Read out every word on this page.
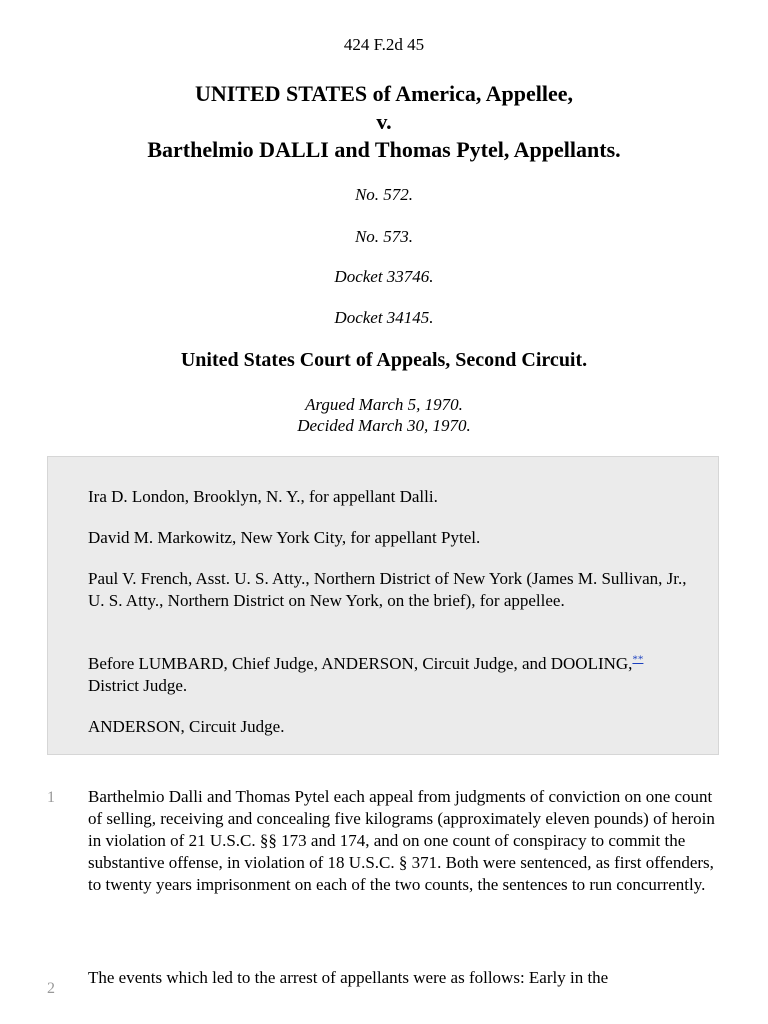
424 F.2d 45
UNITED STATES of America, Appellee,
v.
Barthelmio DALLI and Thomas Pytel, Appellants.
No. 572.
No. 573.
Docket 33746.
Docket 34145.
United States Court of Appeals, Second Circuit.
Argued March 5, 1970.
Decided March 30, 1970.
Ira D. London, Brooklyn, N. Y., for appellant Dalli.
David M. Markowitz, New York City, for appellant Pytel.
Paul V. French, Asst. U. S. Atty., Northern District of New York (James M. Sullivan, Jr., U. S. Atty., Northern District on New York, on the brief), for appellee.
Before LUMBARD, Chief Judge, ANDERSON, Circuit Judge, and DOOLING,** District Judge.
ANDERSON, Circuit Judge.
1 Barthelmio Dalli and Thomas Pytel each appeal from judgments of conviction on one count of selling, receiving and concealing five kilograms (approximately eleven pounds) of heroin in violation of 21 U.S.C. §§ 173 and 174, and on one count of conspiracy to commit the substantive offense, in violation of 18 U.S.C. § 371. Both were sentenced, as first offenders, to twenty years imprisonment on each of the two counts, the sentences to run concurrently.
2
The events which led to the arrest of appellants were as follows: Early in the
